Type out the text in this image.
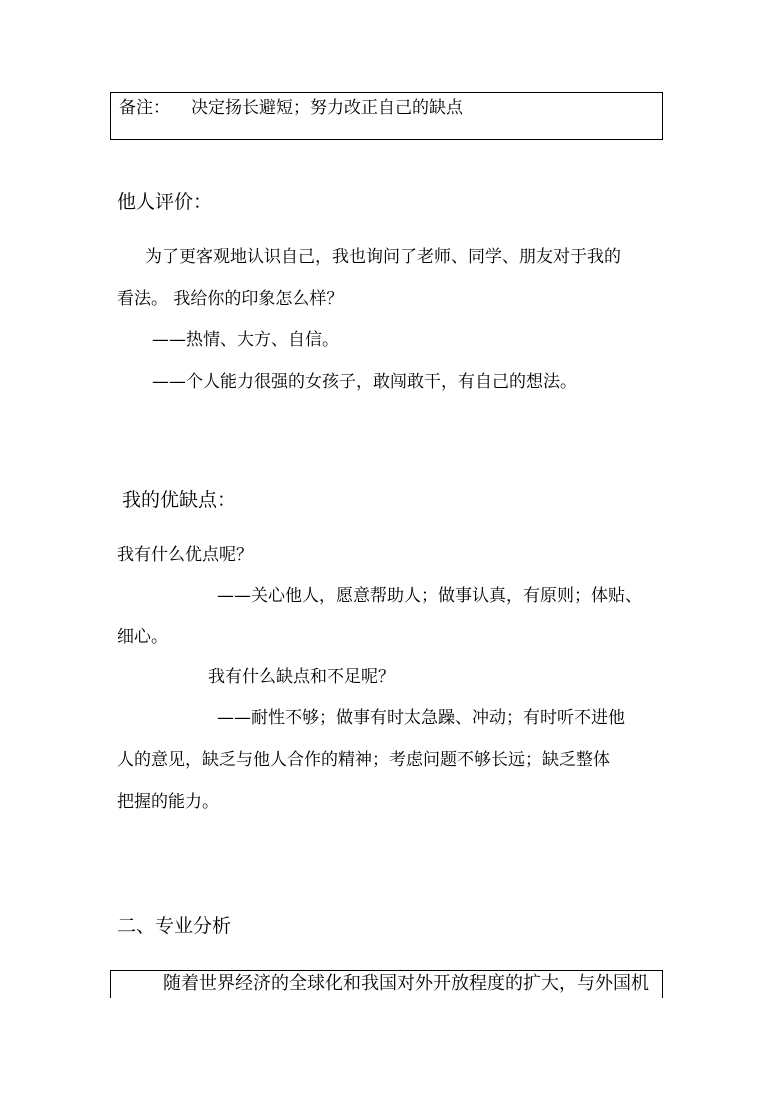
备注： 决定扬长避短；努力改正自己的缺点
他人评价：
为了更客观地认识自己，我也询问了老师、同学、朋友对于我的
看法。 我给你的印象怎么样？
——热情、大方、自信。
——个人能力很强的女孩子，敢闯敢干，有自己的想法。
我的优缺点：
我有什么优点呢？
——关心他人，愿意帮助人；做事认真，有原则；体贴、
细心。
我有什么缺点和不足呢？
——耐性不够；做事有时太急躁、冲动；有时听不进他
人的意见，缺乏与他人合作的精神；考虑问题不够长远；缺乏整体
把握的能力。
二、专业分析
随着世界经济的全球化和我国对外开放程度的扩大，与外国机
